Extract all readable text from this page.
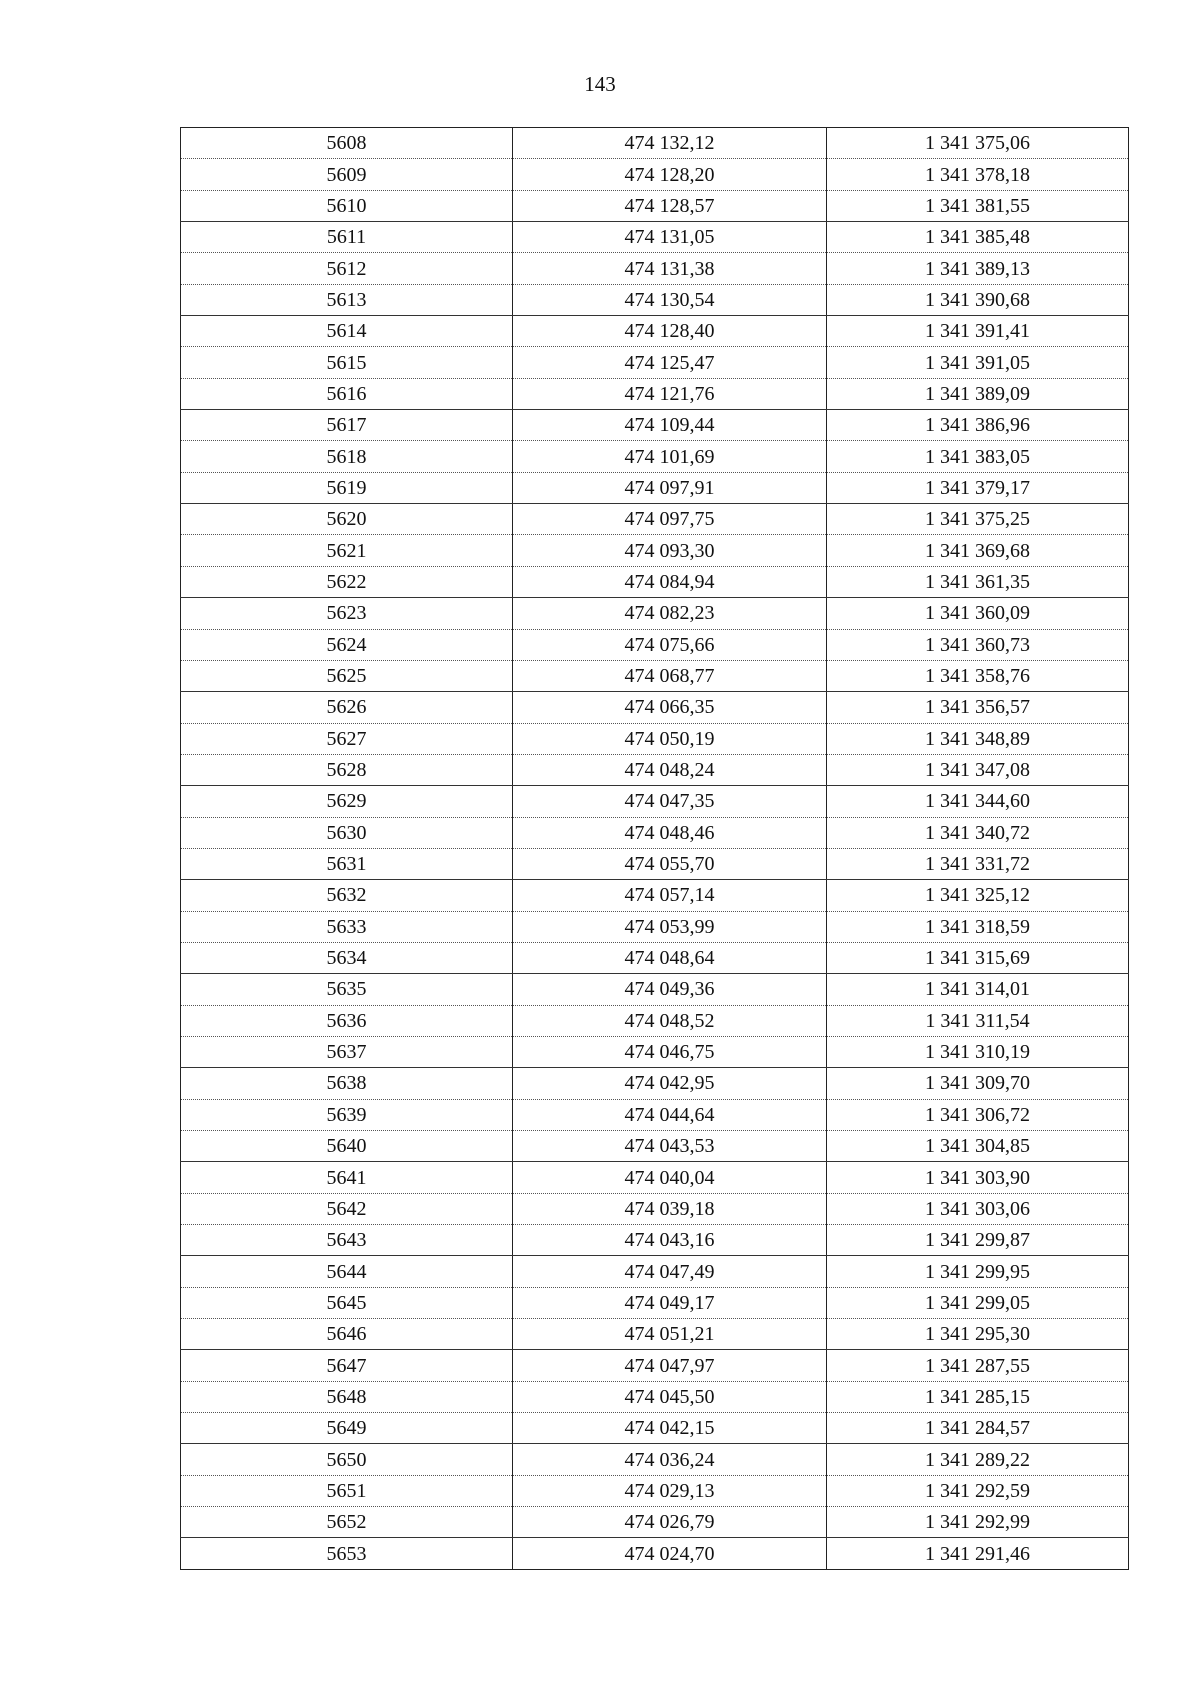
143
5608	474 132,12	1 341 375,06
5609	474 128,20	1 341 378,18
5610	474 128,57	1 341 381,55
5611	474 131,05	1 341 385,48
5612	474 131,38	1 341 389,13
5613	474 130,54	1 341 390,68
5614	474 128,40	1 341 391,41
5615	474 125,47	1 341 391,05
5616	474 121,76	1 341 389,09
5617	474 109,44	1 341 386,96
5618	474 101,69	1 341 383,05
5619	474 097,91	1 341 379,17
5620	474 097,75	1 341 375,25
5621	474 093,30	1 341 369,68
5622	474 084,94	1 341 361,35
5623	474 082,23	1 341 360,09
5624	474 075,66	1 341 360,73
5625	474 068,77	1 341 358,76
5626	474 066,35	1 341 356,57
5627	474 050,19	1 341 348,89
5628	474 048,24	1 341 347,08
5629	474 047,35	1 341 344,60
5630	474 048,46	1 341 340,72
5631	474 055,70	1 341 331,72
5632	474 057,14	1 341 325,12
5633	474 053,99	1 341 318,59
5634	474 048,64	1 341 315,69
5635	474 049,36	1 341 314,01
5636	474 048,52	1 341 311,54
5637	474 046,75	1 341 310,19
5638	474 042,95	1 341 309,70
5639	474 044,64	1 341 306,72
5640	474 043,53	1 341 304,85
5641	474 040,04	1 341 303,90
5642	474 039,18	1 341 303,06
5643	474 043,16	1 341 299,87
5644	474 047,49	1 341 299,95
5645	474 049,17	1 341 299,05
5646	474 051,21	1 341 295,30
5647	474 047,97	1 341 287,55
5648	474 045,50	1 341 285,15
5649	474 042,15	1 341 284,57
5650	474 036,24	1 341 289,22
5651	474 029,13	1 341 292,59
5652	474 026,79	1 341 292,99
5653	474 024,70	1 341 291,46
